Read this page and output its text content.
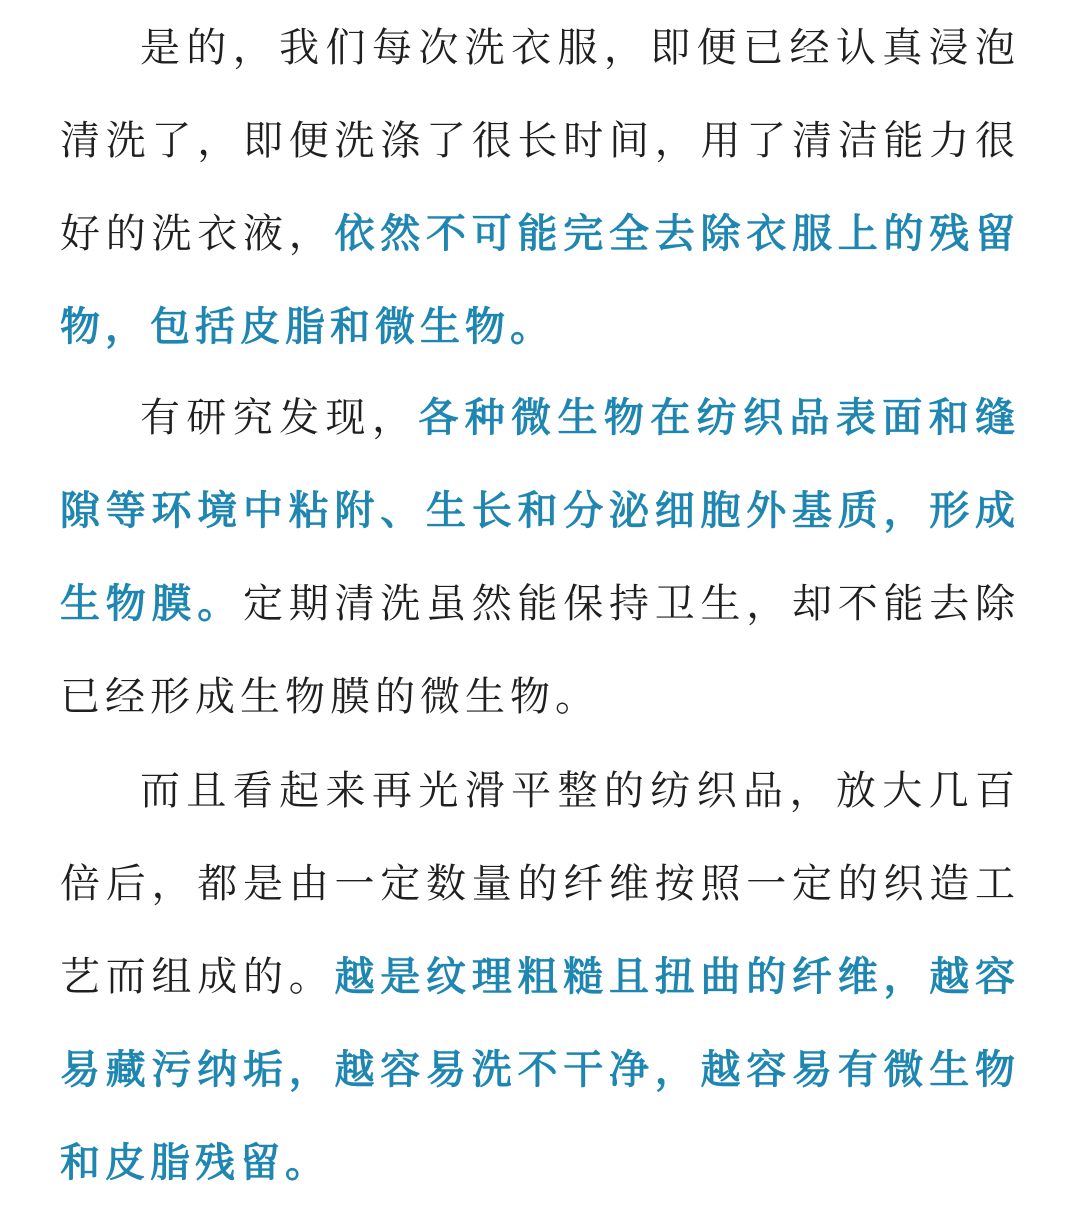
是的，我们每次洗衣服，即便已经认真浸泡清洗了，即便洗涤了很长时间，用了清洁能力很好的洗衣液，依然不可能完全去除衣服上的残留物，包括皮脂和微生物。

有研究发现，各种微生物在纺织品表面和缝隙等环境中粘附、生长和分泌细胞外基质，形成生物膜。定期清洗虽然能保持卫生，却不能去除已经形成生物膜的微生物。

而且看起来再光滑平整的纺织品，放大几百倍后，都是由一定数量的纤维按照一定的织造工艺而组成的。越是纹理粗糙且扭曲的纤维，越容易藏污纳垢，越容易洗不干净，越容易有微生物和皮脂残留。
